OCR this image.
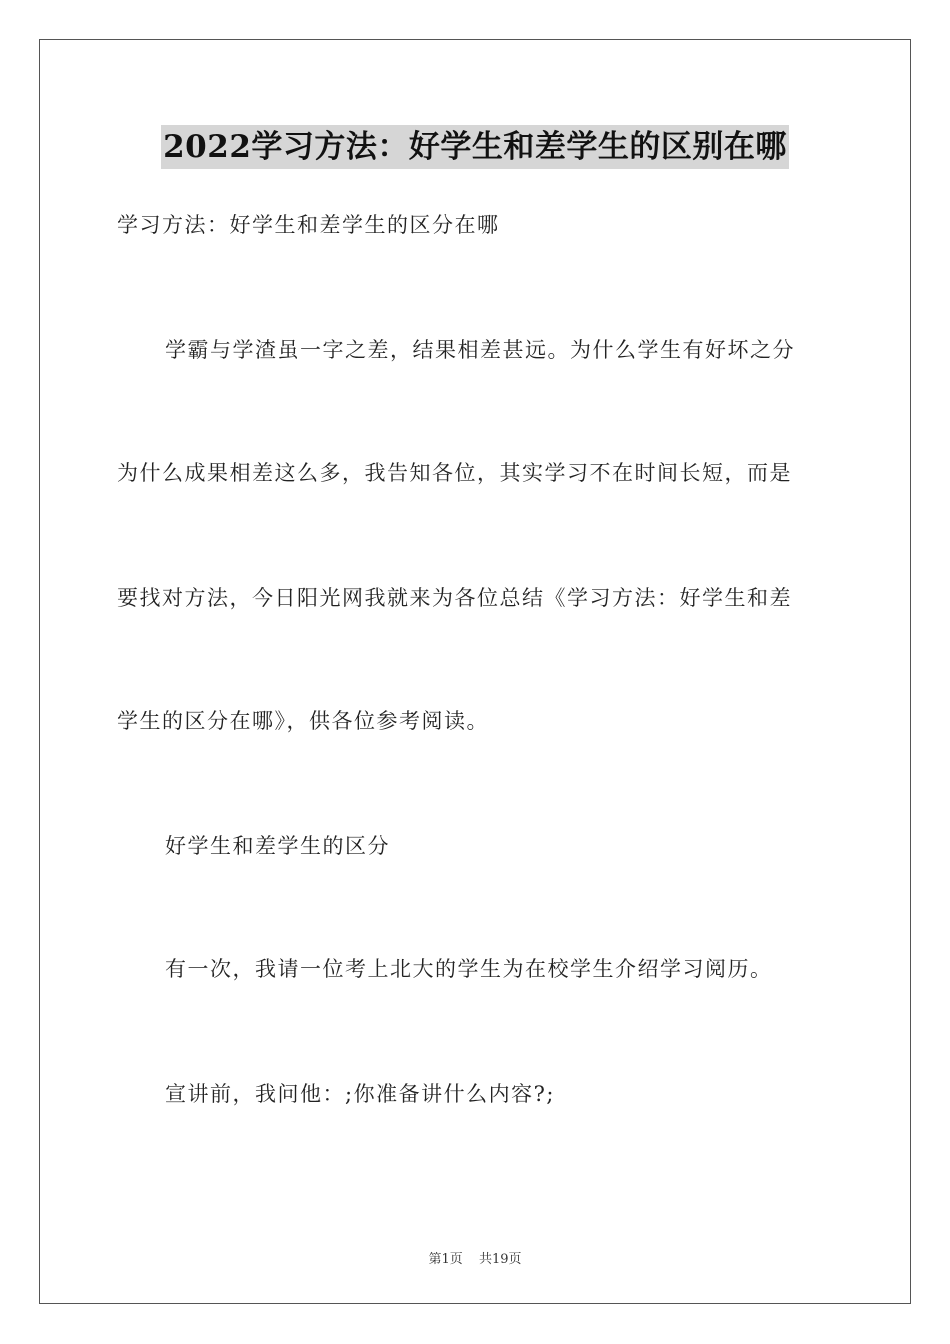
2022学习方法：好学生和差学生的区别在哪
学习方法：好学生和差学生的区分在哪
学霸与学渣虽一字之差，结果相差甚远。为什么学生有好坏之分
为什么成果相差这么多，我告知各位，其实学习不在时间长短，而是
要找对方法，今日阳光网我就来为各位总结《学习方法：好学生和差
学生的区分在哪》，供各位参考阅读。
好学生和差学生的区分
有一次，我请一位考上北大的学生为在校学生介绍学习阅历。
宣讲前，我问他：;你准备讲什么内容?;
第1页 共19页
